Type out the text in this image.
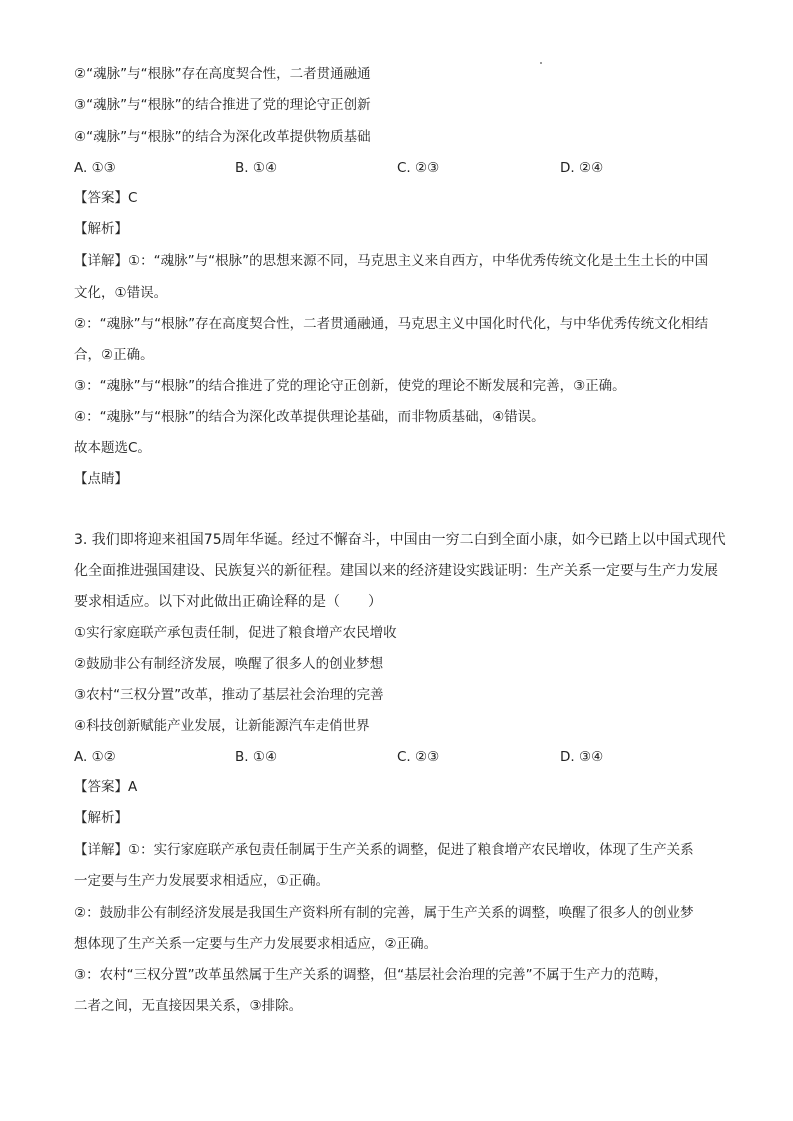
②“魂脉”与“根脉”存在高度契合性，二者贯通融通
③“魂脉”与“根脉”的结合推进了党的理论守正创新
④“魂脉”与“根脉”的结合为深化改革提供物质基础
A. ①③	B. ①④	C. ②③	D. ②④
【答案】C
【解析】
【详解】①：“魂脉”与“根脉”的思想来源不同，马克思主义来自西方，中华优秀传统文化是土生土长的中国
文化，①错误。
②：“魂脉”与“根脉”存在高度契合性，二者贯通融通，马克思主义中国化时代化，与中华优秀传统文化相结
合，②正确。
③：“魂脉”与“根脉”的结合推进了党的理论守正创新，使党的理论不断发展和完善，③正确。
④：“魂脉”与“根脉”的结合为深化改革提供理论基础，而非物质基础，④错误。
故本题选C。
【点睛】
3. 我们即将迎来祖国75周年华诞。经过不懈奋斗，中国由一穷二白到全面小康，如今已踏上以中国式现代
化全面推进强国建设、民族复兴的新征程。建国以来的经济建设实践证明：生产关系一定要与生产力发展
要求相适应。以下对此做出正确诠释的是（　　）
①实行家庭联产承包责任制，促进了粮食增产农民增收
②鼓励非公有制经济发展，唤醒了很多人的创业梦想
③农村“三权分置”改革，推动了基层社会治理的完善
④科技创新赋能产业发展，让新能源汽车走俏世界
A. ①②	B. ①④	C. ②③	D. ③④
【答案】A
【解析】
【详解】①：实行家庭联产承包责任制属于生产关系的调整，促进了粮食增产农民增收，体现了生产关系
一定要与生产力发展要求相适应，①正确。
②：鼓励非公有制经济发展是我国生产资料所有制的完善，属于生产关系的调整，唤醒了很多人的创业梦
想体现了生产关系一定要与生产力发展要求相适应，②正确。
③：农村“三权分置”改革虽然属于生产关系的调整，但“基层社会治理的完善”不属于生产力的范畴，
二者之间，无直接因果关系，③排除。
